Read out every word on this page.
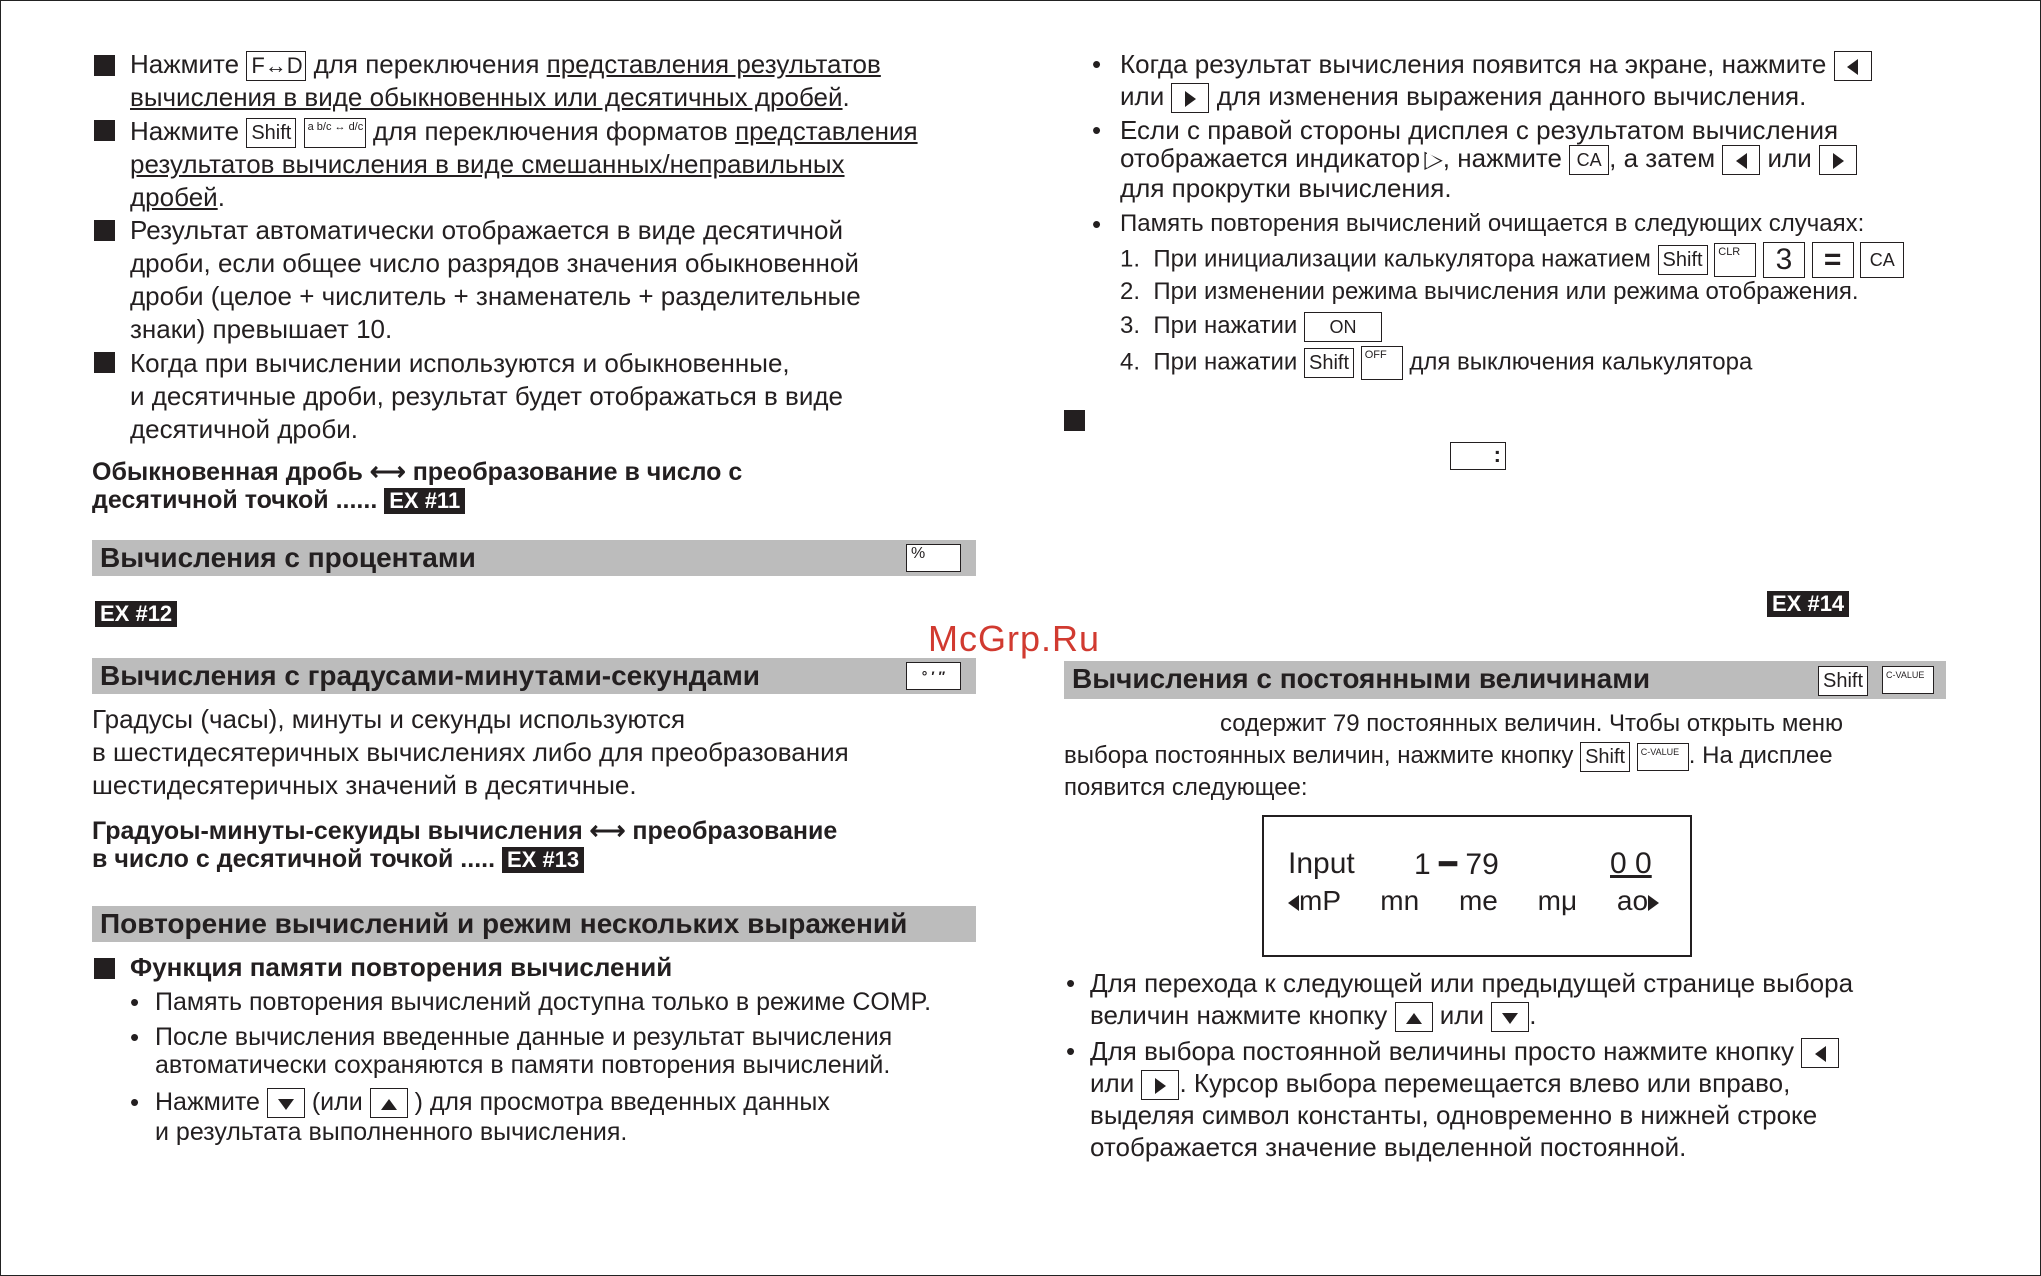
Нажмите F↔D для переключения представления результатов
вычисления в виде обыкновенных или десятичных дробей.
Нажмите Shift a b/c ↔ d/c для переключения форматов представления
результатов вычисления в виде смешанных/неправильных
дробей.
Результат автоматически отображается в виде десятичной
дроби, если общее число разрядов значения обыкновенной
дроби (целое + числитель + знаменатель + разделительные
знаки) превышает 10.
Когда при вычислении используются и обыкновенные,
и десятичные дроби, результат будет отображаться в виде
десятичной дроби.
Обыкновенная дробь ⟷ преобразование в число с
десятичной точкой ...... EX #11
Вычисления с процентами	%
EX #12
Вычисления с градусами-минутами-секундами	° ′ ″
Градусы (часы), минуты и секунды используются
в шестидесятеричных вычислениях либо для преобразования
шестидесятеричных значений в десятичные.
Градуоы-минуты-секуиды вычисления ⟷ преобразование
в число с десятичной точкой ..... EX #13
Повторение вычислений и режим нескольких выражений
Функция памяти повторения вычислений
• Память повторения вычислений доступна только в режиме COMP.
• После вычисления введенные данные и результат вычисления
автоматически сохраняются в памяти повторения вычислений.
• Нажмите (или ) для просмотра введенных данных
и результата выполненного вычисления.
McGrp.Ru
• Когда результат вычисления появится на экране, нажмите
или для изменения выражения данного вычисления.
• Если с правой стороны дисплея с результатом вычисления
отображается индикатор ▷, нажмите CA , а затем или
для прокрутки вычисления.
• Память повторения вычислений очищается в следующих случаях:
1. При инициализации калькулятора нажатием Shift CLR 3 = CA
2. При изменении режима вычисления или режима отображения.
3. При нажатии ON
4. При нажатии Shift OFF для выключения калькулятора
:
EX #14
Вычисления с постоянными величинами	Shift	C-VALUE
содержит 79 постоянных величин. Чтобы открыть меню
выбора постоянных величин, нажмите кнопку Shift C-VALUE . На дисплее
появится следующее:
Input 1 ━ 79	0 0
mP mn me mμ ao
• Для перехода к следующей или предыдущей странице выбора
величин нажмите кнопку или .
• Для выбора постоянной величины просто нажмите кнопку
или . Курсор выбора перемещается влево или вправо,
выделяя символ константы, одновременно в нижней строке
отображается значение выделенной постоянной.
